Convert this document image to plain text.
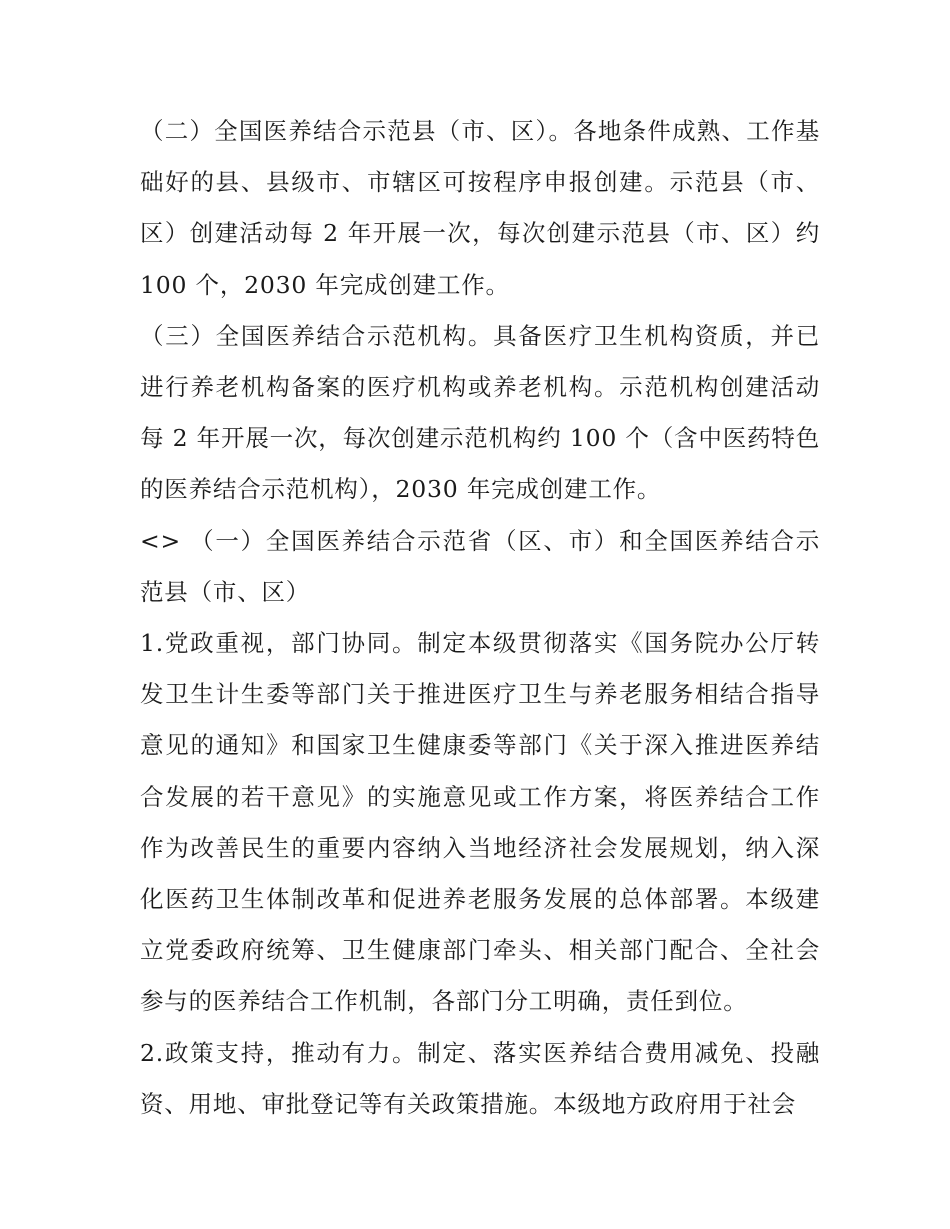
（二）全国医养结合示范县（市、区）。各地条件成熟、工作基础好的县、县级市、市辖区可按程序申报创建。示范县（市、区）创建活动每 2 年开展一次，每次创建示范县（市、区）约 100 个，2030 年完成创建工作。

（三）全国医养结合示范机构。具备医疗卫生机构资质，并已进行养老机构备案的医疗机构或养老机构。示范机构创建活动每 2 年开展一次，每次创建示范机构约 100 个（含中医药特色的医养结合示范机构），2030 年完成创建工作。

<> （一）全国医养结合示范省（区、市）和全国医养结合示范县（市、区）

1.党政重视，部门协同。制定本级贯彻落实《国务院办公厅转发卫生计生委等部门关于推进医疗卫生与养老服务相结合指导意见的通知》和国家卫生健康委等部门《关于深入推进医养结合发展的若干意见》的实施意见或工作方案，将医养结合工作作为改善民生的重要内容纳入当地经济社会发展规划，纳入深化医药卫生体制改革和促进养老服务发展的总体部署。本级建立党委政府统筹、卫生健康部门牵头、相关部门配合、全社会参与的医养结合工作机制，各部门分工明确，责任到位。

2.政策支持，推动有力。制定、落实医养结合费用减免、投融资、用地、审批登记等有关政策措施。本级地方政府用于社会
